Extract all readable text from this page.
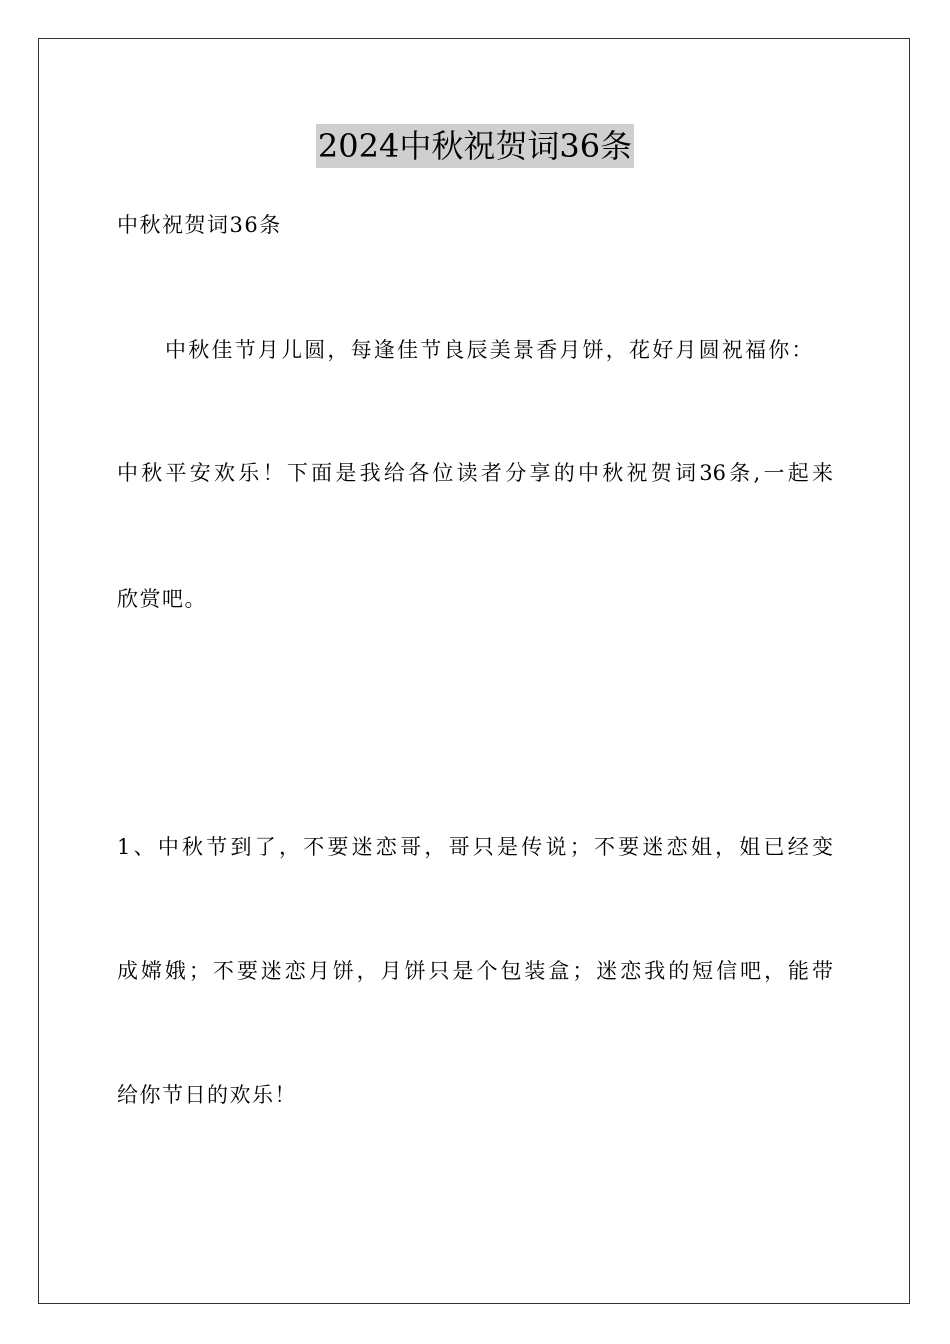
2024中秋祝贺词36条
中秋祝贺词36条
中秋佳节月儿圆，每逢佳节良辰美景香月饼，花好月圆祝福你：
中秋平安欢乐！下面是我给各位读者分享的中秋祝贺词36条,一起来
欣赏吧。
1、中秋节到了，不要迷恋哥，哥只是传说；不要迷恋姐，姐已经变
成嫦娥；不要迷恋月饼，月饼只是个包装盒；迷恋我的短信吧，能带
给你节日的欢乐！
